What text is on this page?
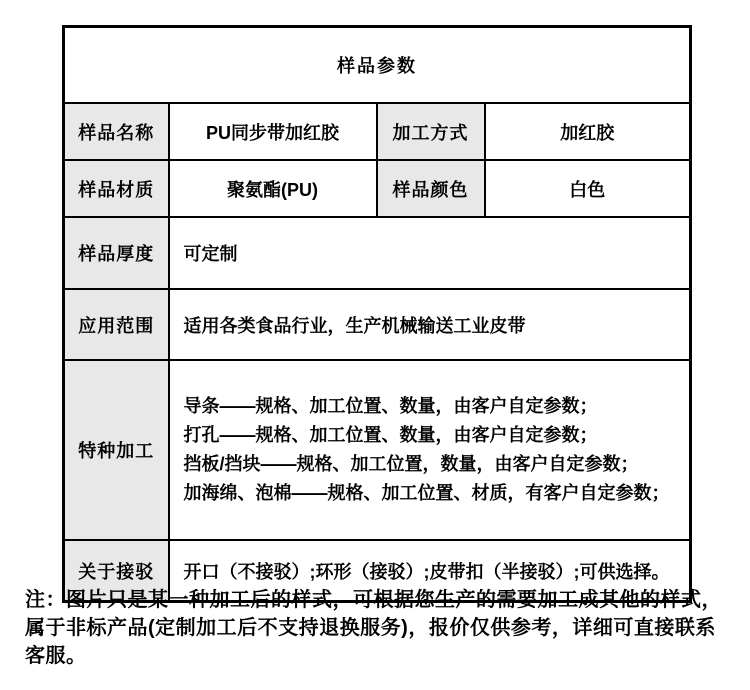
样品参数			
样品名称	PU同步带加红胶	加工方式	加红胶
样品材质	聚氨酯(PU)	样品颜色	白色
样品厚度	可定制		
应用范围	适用各类食品行业，生产机械输送工业皮带		
特种加工	导条——规格、加工位置、数量，由客户自定参数；
打孔——规格、加工位置、数量，由客户自定参数；
挡板/挡块——规格、加工位置，数量，由客户自定参数；
加海绵、泡棉——规格、加工位置、材质，有客户自定参数；		

关于接驳	开口（不接驳）;环形（接驳）;皮带扣（半接驳）;可供选择。		
注：图片只是某一种加工后的样式，可根据您生产的需要加工成其他的样式，属于非标产品(定制加工后不支持退换服务)，报价仅供参考，详细可直接联系客服。
